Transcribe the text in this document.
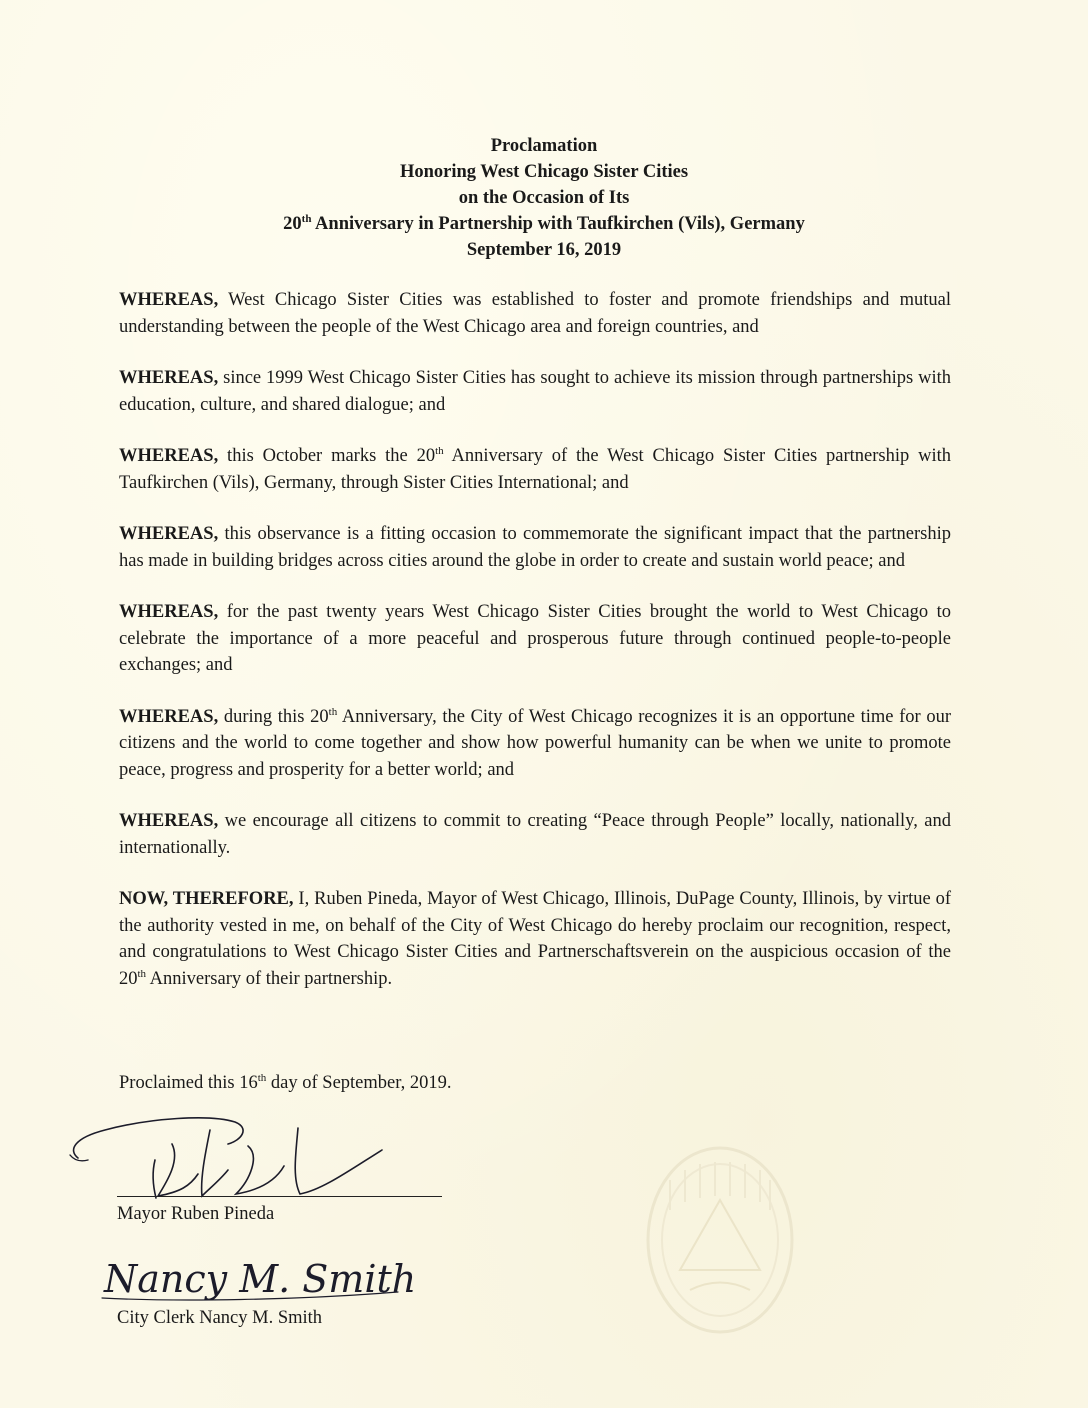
Proclamation
Honoring West Chicago Sister Cities
on the Occasion of Its
20th Anniversary in Partnership with Taufkirchen (Vils), Germany
September 16, 2019

WHEREAS, West Chicago Sister Cities was established to foster and promote friendships and mutual understanding between the people of the West Chicago area and foreign countries, and

WHEREAS, since 1999 West Chicago Sister Cities has sought to achieve its mission through partnerships with education, culture, and shared dialogue; and

WHEREAS, this October marks the 20th Anniversary of the West Chicago Sister Cities partnership with Taufkirchen (Vils), Germany, through Sister Cities International; and

WHEREAS, this observance is a fitting occasion to commemorate the significant impact that the partnership has made in building bridges across cities around the globe in order to create and sustain world peace; and

WHEREAS, for the past twenty years West Chicago Sister Cities brought the world to West Chicago to celebrate the importance of a more peaceful and prosperous future through continued people-to-people exchanges; and

WHEREAS, during this 20th Anniversary, the City of West Chicago recognizes it is an opportune time for our citizens and the world to come together and show how powerful humanity can be when we unite to promote peace, progress and prosperity for a better world; and

WHEREAS, we encourage all citizens to commit to creating “Peace through People” locally, nationally, and internationally.

NOW, THEREFORE, I, Ruben Pineda, Mayor of West Chicago, Illinois, DuPage County, Illinois, by virtue of the authority vested in me, on behalf of the City of West Chicago do hereby proclaim our recognition, respect, and congratulations to West Chicago Sister Cities and Partnerschaftsverein on the auspicious occasion of the 20th Anniversary of their partnership.

Proclaimed this 16th day of September, 2019.
Mayor Ruben Pineda
Nancy M. Smith
City Clerk Nancy M. Smith
